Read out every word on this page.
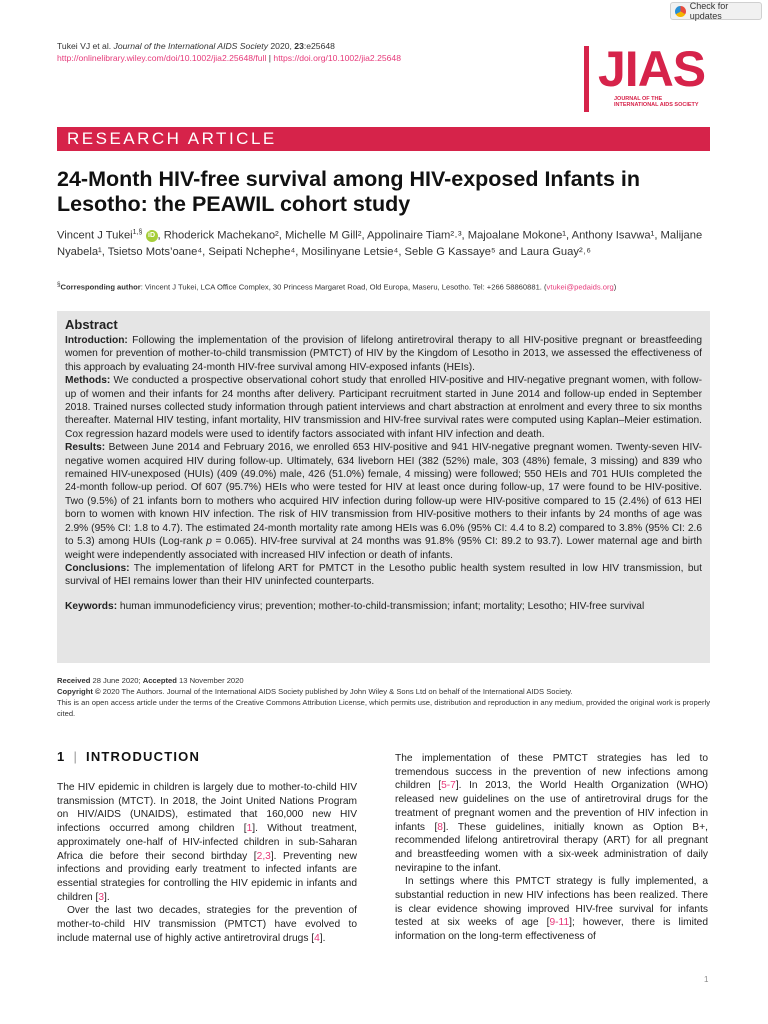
Check for updates
Tukei VJ et al. Journal of the International AIDS Society 2020, 23:e25648
http://onlinelibrary.wiley.com/doi/10.1002/jia2.25648/full | https://doi.org/10.1002/jia2.25648	JIAS
JOURNAL OF THE
INTERNATIONAL AIDS SOCIETY
RESEARCH ARTICLE
24-Month HIV-free survival among HIV-exposed Infants in Lesotho: the PEAWIL cohort study
Vincent J Tukei$^{1,\S}$ iD , Rhoderick Machekano², Michelle M Gill², Appolinaire Tiam²˒³, Majoalane Mokone¹, Anthony Isavwa¹, Malijane Nyabela¹, Tsietso Mots’oane⁴, Seipati Nchephe⁴, Mosilinyane Letsie⁴, Seble G Kassaye⁵ and Laura Guay²˒⁶
§Corresponding author: Vincent J Tukei, LCA Office Complex, 30 Princess Margaret Road, Old Europa, Maseru, Lesotho. Tel: +266 58860881. (vtukei@pedaids.org)
Abstract

Introduction: Following the implementation of the provision of lifelong antiretroviral therapy to all HIV-positive pregnant or breastfeeding women for prevention of mother-to-child transmission (PMTCT) of HIV by the Kingdom of Lesotho in 2013, we assessed the effectiveness of this approach by evaluating 24-month HIV-free survival among HIV-exposed infants (HEIs).

Methods: We conducted a prospective observational cohort study that enrolled HIV-positive and HIV-negative pregnant women, with follow-up of women and their infants for 24 months after delivery. Participant recruitment started in June 2014 and follow-up ended in September 2018. Trained nurses collected study information through patient interviews and chart abstraction at enrolment and every three to six months thereafter. Maternal HIV testing, infant mortality, HIV transmission and HIV-free survival rates were computed using Kaplan–Meier estimation. Cox regression hazard models were used to identify factors associated with infant HIV infection and death.

Results: Between June 2014 and February 2016, we enrolled 653 HIV-positive and 941 HIV-negative pregnant women. Twenty-seven HIV-negative women acquired HIV during follow-up. Ultimately, 634 liveborn HEI (382 (52%) male, 303 (48%) female, 3 missing) and 839 who remained HIV-unexposed (HUIs) (409 (49.0%) male, 426 (51.0%) female, 4 missing) were followed; 550 HEIs and 701 HUIs completed the 24-month follow-up period. Of 607 (95.7%) HEIs who were tested for HIV at least once during follow-up, 17 were found to be HIV-positive. Two (9.5%) of 21 infants born to mothers who acquired HIV infection during follow-up were HIV-positive compared to 15 (2.4%) of 613 HEI born to women with known HIV infection. The risk of HIV transmission from HIV-positive mothers to their infants by 24 months of age was 2.9% (95% CI: 1.8 to 4.7). The estimated 24-month mortality rate among HEIs was 6.0% (95% CI: 4.4 to 8.2) compared to 3.8% (95% CI: 2.6 to 5.3) among HUIs (Log-rank p = 0.065). HIV-free survival at 24 months was 91.8% (95% CI: 89.2 to 93.7). Lower maternal age and birth weight were independently associated with increased HIV infection or death of infants.

Conclusions: The implementation of lifelong ART for PMTCT in the Lesotho public health system resulted in low HIV transmission, but survival of HEI remains lower than their HIV uninfected counterparts.

Keywords: human immunodeficiency virus; prevention; mother-to-child-transmission; infant; mortality; Lesotho; HIV-free survival

Received 28 June 2020; Accepted 13 November 2020
Copyright © 2020 The Authors. Journal of the International AIDS Society published by John Wiley & Sons Ltd on behalf of the International AIDS Society.
This is an open access article under the terms of the Creative Commons Attribution License, which permits use, distribution and reproduction in any medium, provided the original work is properly cited.
1 | INTRODUCTION

The HIV epidemic in children is largely due to mother-to-child HIV transmission (MTCT). In 2018, the Joint United Nations Program on HIV/AIDS (UNAIDS), estimated that 160,000 new HIV infections occurred among children [1]. Without treatment, approximately one-half of HIV-infected children in sub-Saharan Africa die before their second birthday [2,3]. Preventing new infections and providing early treatment to infected infants are essential strategies for controlling the HIV epidemic in infants and children [3].

Over the last two decades, strategies for the prevention of mother-to-child HIV transmission (PMTCT) have evolved to include maternal use of highly active antiretroviral drugs [4].

The implementation of these PMTCT strategies has led to tremendous success in the prevention of new infections among children [5-7]. In 2013, the World Health Organization (WHO) released new guidelines on the use of antiretroviral drugs for the treatment of pregnant women and the prevention of HIV infection in infants [8]. These guidelines, initially known as Option B+, recommended lifelong antiretroviral therapy (ART) for all pregnant and breastfeeding women with a six-week administration of daily nevirapine to the infant.

In settings where this PMTCT strategy is fully implemented, a substantial reduction in new HIV infections has been realized. There is clear evidence showing improved HIV-free survival for infants tested at six weeks of age [9-11]; however, there is limited information on the long-term effectiveness of

1
